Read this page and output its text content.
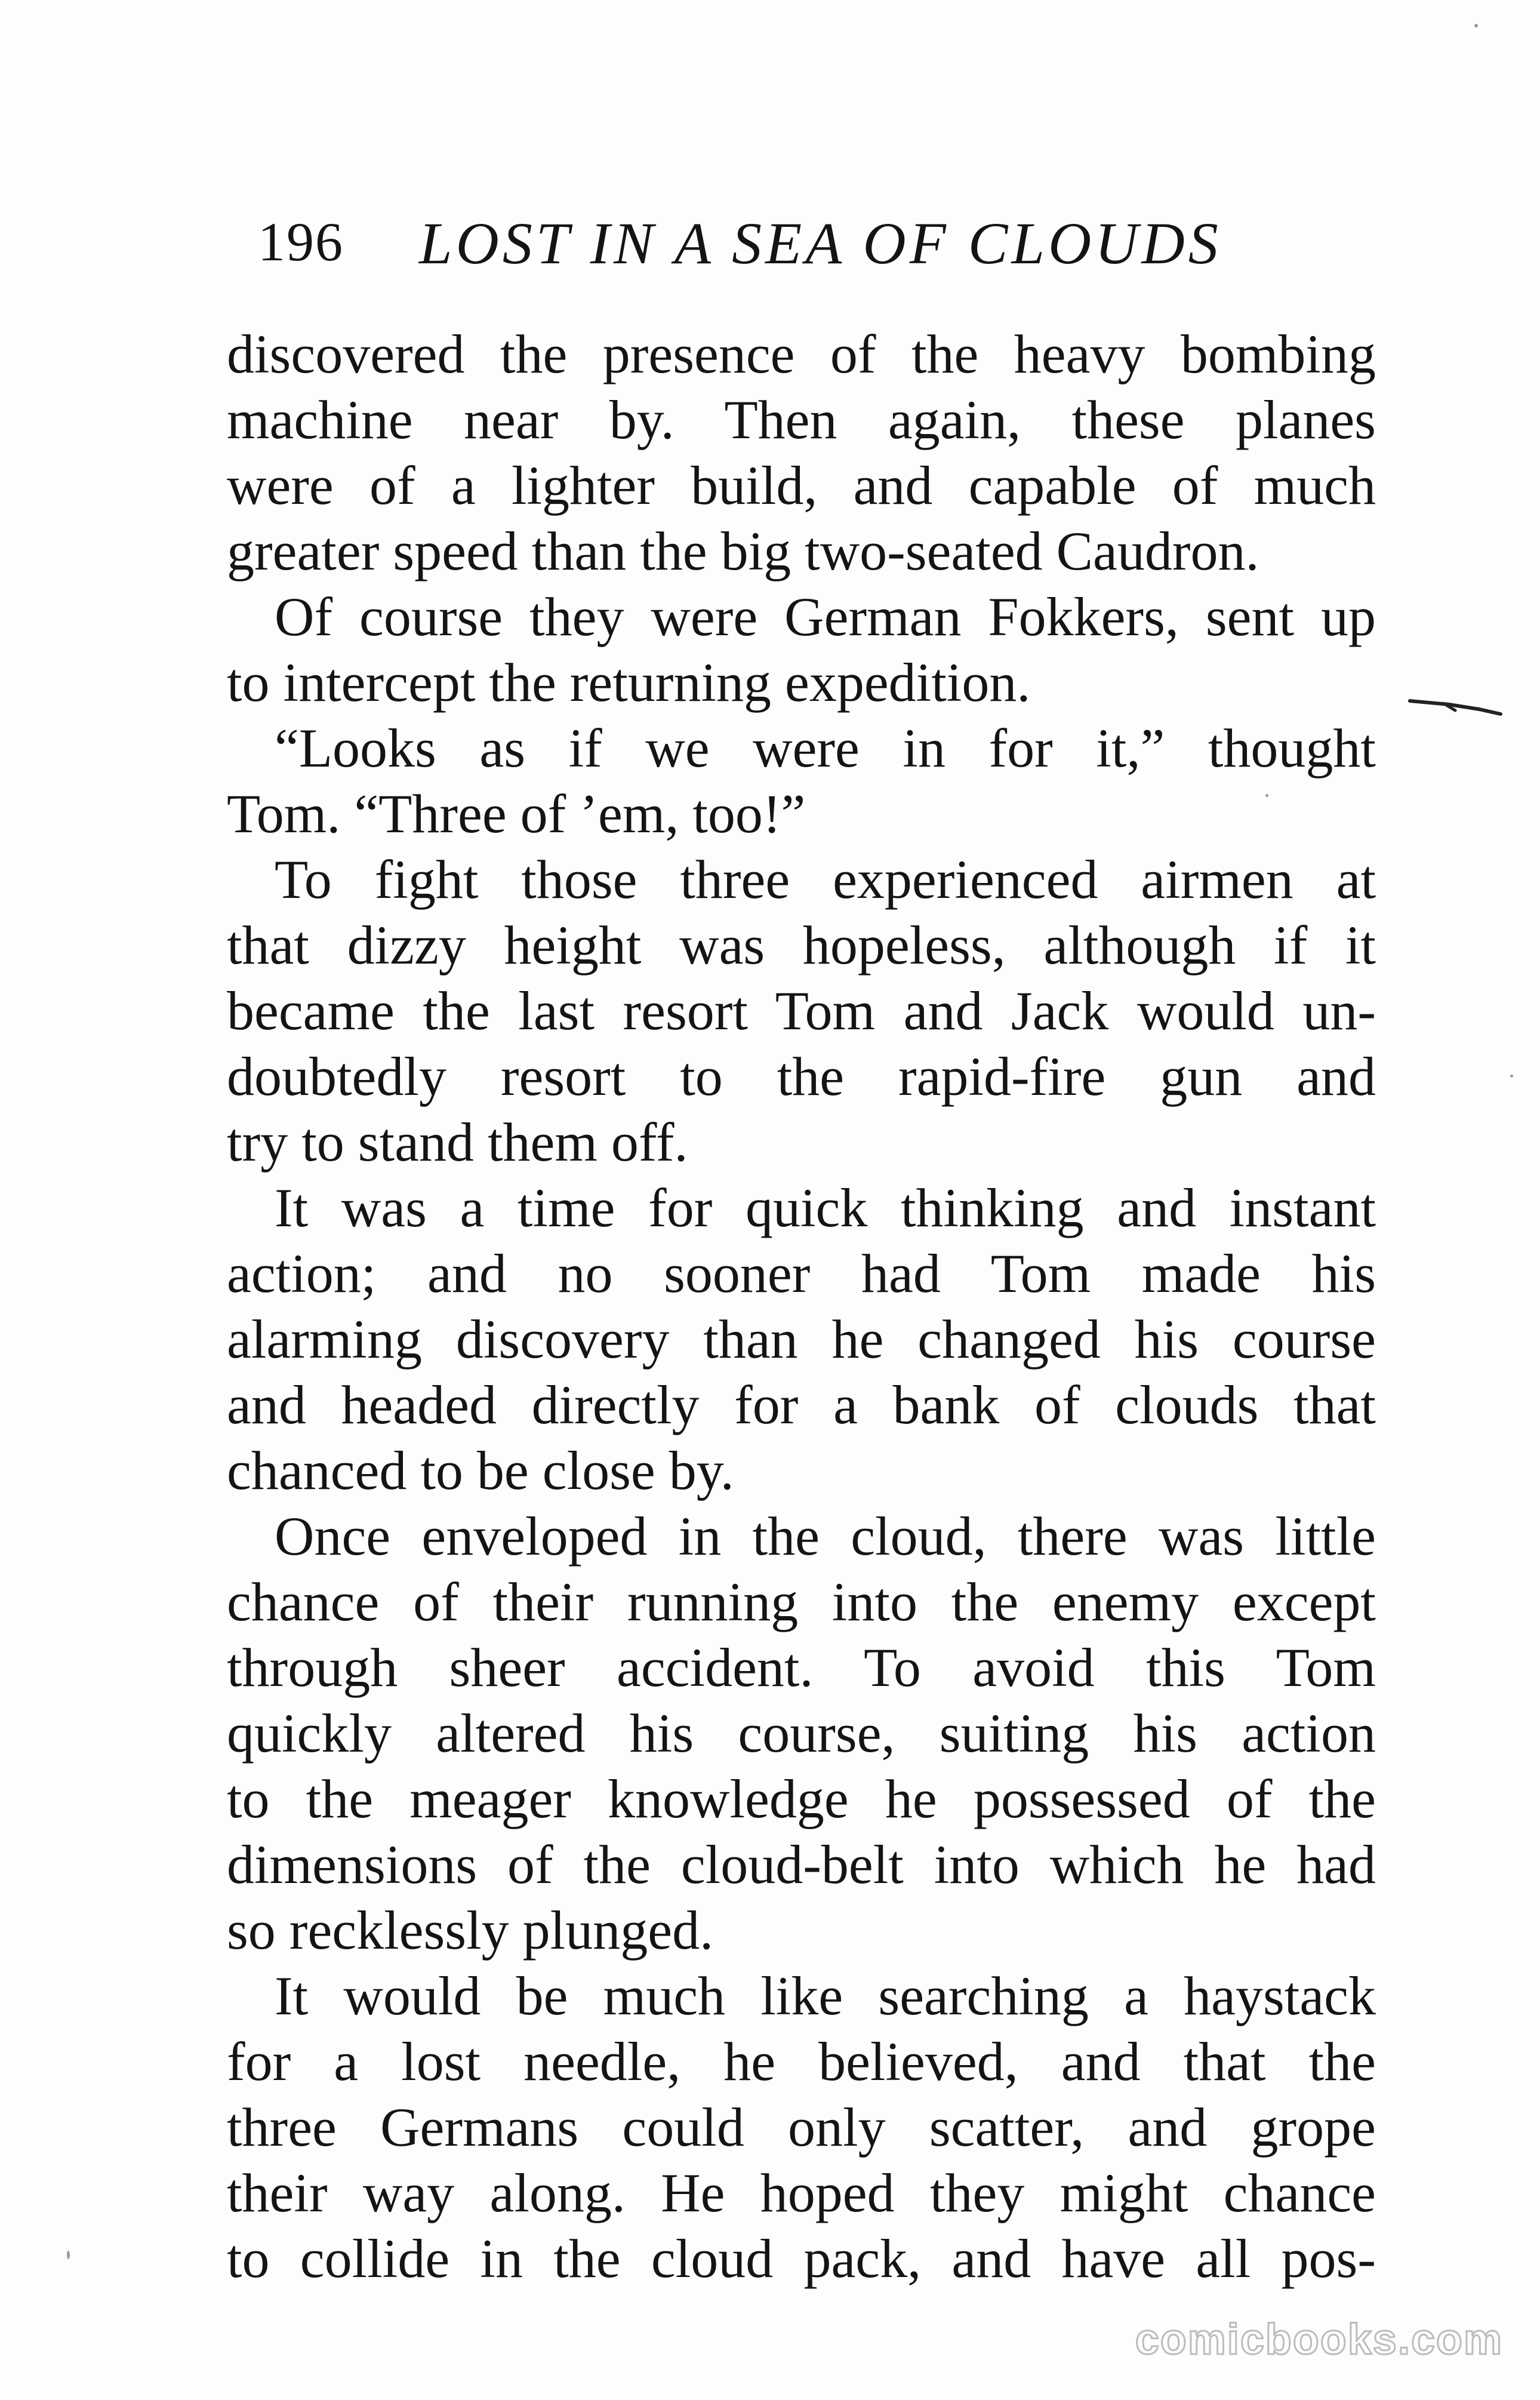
196 LOST IN A SEA OF CLOUDS
discovered the presence of the heavy bombing
machine near by. Then again, these planes
were of a lighter build, and capable of much
greater speed than the big two-seated Caudron.
Of course they were German Fokkers, sent up
to intercept the returning expedition.
“Looks as if we were in for it,” thought
Tom. “Three of ’em, too!”
To fight those three experienced airmen at
that dizzy height was hopeless, although if it
became the last resort Tom and Jack would un-
doubtedly resort to the rapid-fire gun and
try to stand them off.
It was a time for quick thinking and instant
action; and no sooner had Tom made his
alarming discovery than he changed his course
and headed directly for a bank of clouds that
chanced to be close by.
Once enveloped in the cloud, there was little
chance of their running into the enemy except
through sheer accident. To avoid this Tom
quickly altered his course, suiting his action
to the meager knowledge he possessed of the
dimensions of the cloud-belt into which he had
so recklessly plunged.
It would be much like searching a haystack
for a lost needle, he believed, and that the
three Germans could only scatter, and grope
their way along. He hoped they might chance
to collide in the cloud pack, and have all pos-
comicbooks.com
